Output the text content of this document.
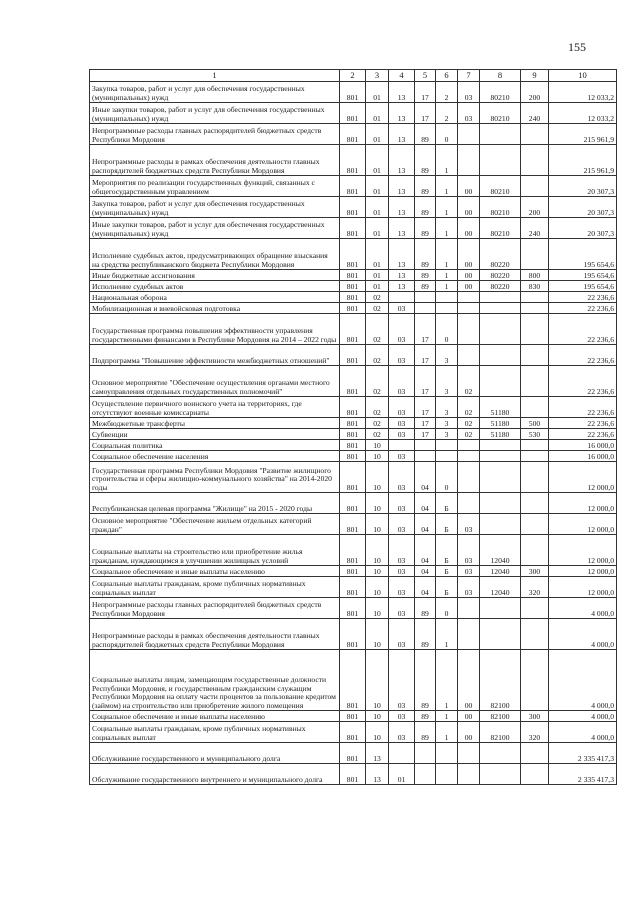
155
1	2	3	4	5	6	7	8	9	10
Закупка товаров, работ и услуг для обеспечения государственных (муниципальных) нужд	801	01	13	17	2	03	80210	200	12 033,2
Иные закупки товаров, работ и услуг для обеспечения государственных (муниципальных) нужд	801	01	13	17	2	03	80210	240	12 033,2
Непрограммные расходы главных распорядителей бюджетных средств Республики Мордовия	801	01	13	89	0				215 961,9
Непрограммные расходы в рамках обеспечения деятельности главных распорядителей бюджетных средств Республики Мордовия	801	01	13	89	1				215 961,9
Мероприятия по реализации государственных функций, связанных с общегосударственным управлением	801	01	13	89	1	00	80210		20 307,3
Закупка товаров, работ и услуг для обеспечения государственных (муниципальных) нужд	801	01	13	89	1	00	80210	200	20 307,3
Иные закупки товаров, работ и услуг для обеспечения государственных (муниципальных) нужд	801	01	13	89	1	00	80210	240	20 307,3
Исполнение судебных актов, предусматривающих обращение взыскания на средства республиканского бюджета Республики Мордовия	801	01	13	89	1	00	80220		195 654,6
Иные бюджетные ассигнования	801	01	13	89	1	00	80220	800	195 654,6
Исполнение судебных актов	801	01	13	89	1	00	80220	830	195 654,6
Национальная оборона	801	02							22 236,6
Мобилизационная и вневойсковая подготовка	801	02	03						22 236,6
Государственная программа повышения эффективности управления государственными финансами в Республике Мордовия на 2014 – 2022 годы	801	02	03	17	0				22 236,6
Подпрограмма "Повышение эффективности межбюджетных отношений"	801	02	03	17	3				22 236,6
Основное мероприятие "Обеспечение осуществления органами местного самоуправления отдельных государственных полномочий"	801	02	03	17	3	02			22 236,6
Осуществление первичного воинского учета на территориях, где отсутствуют военные комиссариаты	801	02	03	17	3	02	51180		22 236,6
Межбюджетные трансферты	801	02	03	17	3	02	51180	500	22 236,6
Субвенции	801	02	03	17	3	02	51180	530	22 236,6
Социальная политика	801	10							16 000,0
Социальное обеспечение населения	801	10	03						16 000,0
Государственная программа Республики Мордовия "Развитие жилищного строительства и сферы жилищно-коммунального хозяйства" на 2014-2020 годы	801	10	03	04	0				12 000,0
Республиканская целевая программа "Жилище" на 2015 - 2020 годы	801	10	03	04	Б				12 000,0
Основное мероприятие "Обеспечение жильем отдельных категорий граждан"	801	10	03	04	Б	03			12 000,0
Социальные выплаты на строительство или приобретение жилья гражданам, нуждающимся в улучшении жилищных условий	801	10	03	04	Б	03	12040		12 000,0
Социальное обеспечение и иные выплаты населению	801	10	03	04	Б	03	12040	300	12 000,0
Социальные выплаты гражданам, кроме публичных нормативных социальных выплат	801	10	03	04	Б	03	12040	320	12 000,0
Непрограммные расходы главных распорядителей бюджетных средств Республики Мордовия	801	10	03	89	0				4 000,0
Непрограммные расходы в рамках обеспечения деятельности главных распорядителей бюджетных средств Республики Мордовия	801	10	03	89	1				4 000,0
Социальные выплаты лицам, замещающим государственные должности Республики Мордовия, и государственным гражданским служащим Республики Мордовия на оплату части процентов за пользование кредитом (займом) на строительство или приобретение жилого помещения	801	10	03	89	1	00	82100		4 000,0
Социальное обеспечение и иные выплаты населению	801	10	03	89	1	00	82100	300	4 000,0
Социальные выплаты гражданам, кроме публичных нормативных социальных выплат	801	10	03	89	1	00	82100	320	4 000,0
Обслуживание государственного и муниципального долга	801	13							2 335 417,3
Обслуживание государственного внутреннего и муниципального долга	801	13	01						2 335 417,3
